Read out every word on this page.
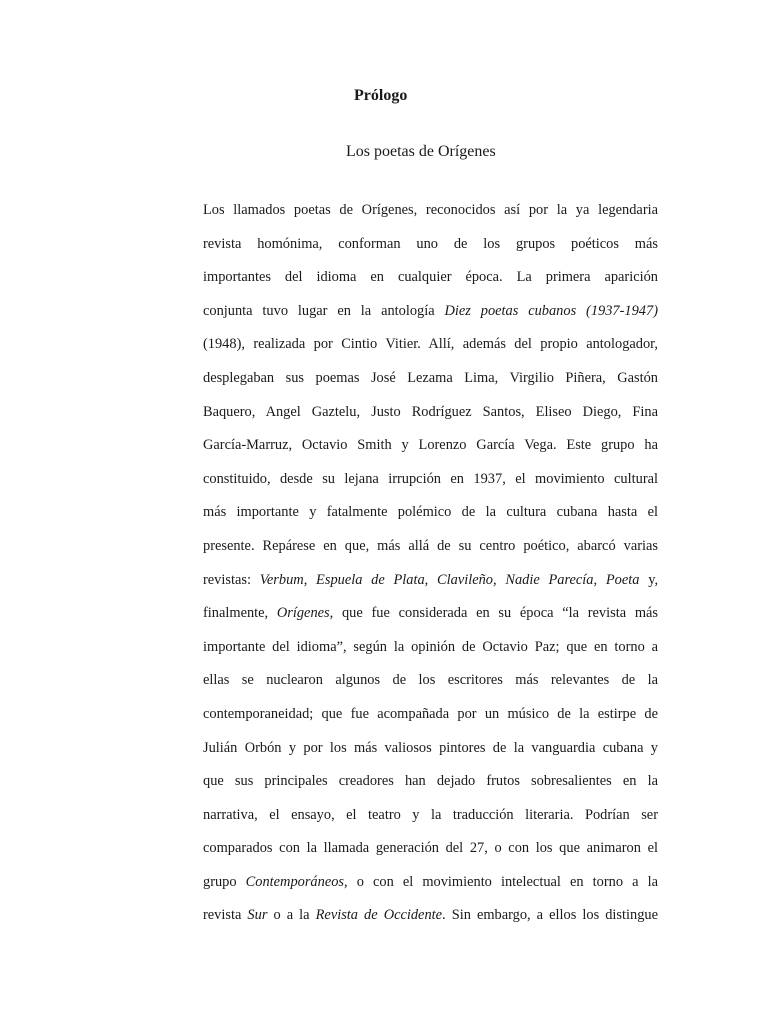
Prólogo
Los poetas de Orígenes
Los llamados poetas de Orígenes, reconocidos así por la ya legendaria
revista homónima, conforman uno de los grupos poéticos más
importantes del idioma en cualquier época. La primera aparición
conjunta tuvo lugar en la antología Diez poetas cubanos (1937-1947)
(1948), realizada por Cintio Vitier. Allí, además del propio antologador,
desplegaban sus poemas José Lezama Lima, Virgilio Piñera, Gastón
Baquero, Angel Gaztelu, Justo Rodríguez Santos, Eliseo Diego, Fina
García-Marruz, Octavio Smith y Lorenzo García Vega. Este grupo ha
constituido, desde su lejana irrupción en 1937, el movimiento cultural
más importante y fatalmente polémico de la cultura cubana hasta el
presente. Repárese en que, más allá de su centro poético, abarcó varias
revistas: Verbum, Espuela de Plata, Clavileño, Nadie Parecía, Poeta y,
finalmente, Orígenes, que fue considerada en su época “la revista más
importante del idioma”, según la opinión de Octavio Paz; que en torno a
ellas se nuclearon algunos de los escritores más relevantes de la
contemporaneidad; que fue acompañada por un músico de la estirpe de
Julián Orbón y por los más valiosos pintores de la vanguardia cubana y
que sus principales creadores han dejado frutos sobresalientes en la
narrativa, el ensayo, el teatro y la traducción literaria. Podrían ser
comparados con la llamada generación del 27, o con los que animaron el
grupo Contemporáneos, o con el movimiento intelectual en torno a la
revista Sur o a la Revista de Occidente. Sin embargo, a ellos los distingue
